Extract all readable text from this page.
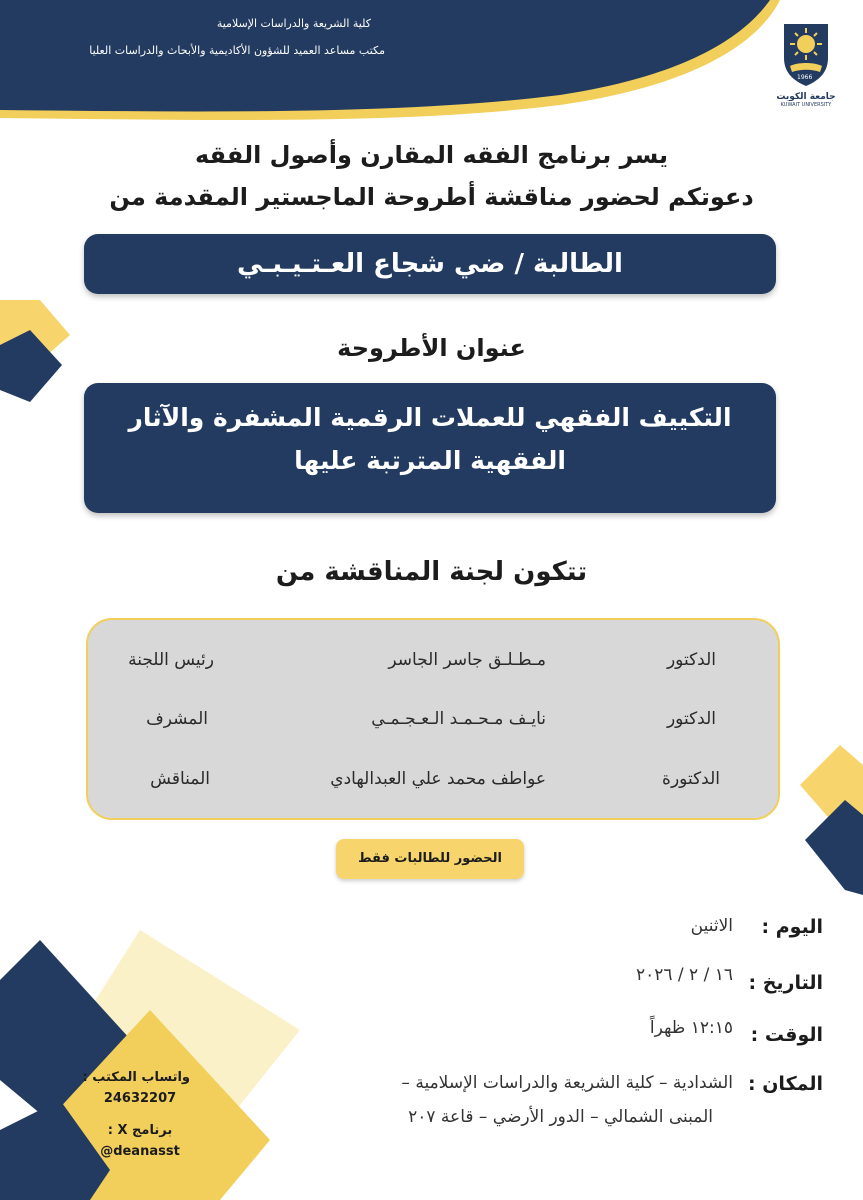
كلية الشريعة والدراسات الإسلامية
مكتب مساعد العميد للشؤون الأكاديمية والأبحاث والدراسات العليا
جامعة الكويت
KUWAIT UNIVERSITY
1966
يسر برنامج الفقه المقارن وأصول الفقه
دعوتكم لحضور مناقشة أطروحة الماجستير المقدمة من
الطالبة / ضي شجاع العـتـيـبـي
عنوان الأطروحة
التكييف الفقهي للعملات الرقمية المشفرة والآثار
الفقهية المترتبة عليها
تتكون لجنة المناقشة من
الدكتور
مـطـلـق جاسر الجاسر
رئيس اللجنة
الدكتور
نايـف مـحـمـد الـعـجـمـي
المشرف
الدكتورة
عواطف محمد علي العبدالهادي
المناقش
الحضور للطالبات فقط
اليوم :
الاثنين
التاريخ :
١٦ / ٢ / ٢٠٢٦
الوقت :
١٢:١٥ ظهراً
المكان :
الشدادية – كلية الشريعة والدراسات الإسلامية –
المبنى الشمالي – الدور الأرضي – قاعة ٢٠٧
واتساب المكتب :
24632207
برنامج X :
@deanasst
